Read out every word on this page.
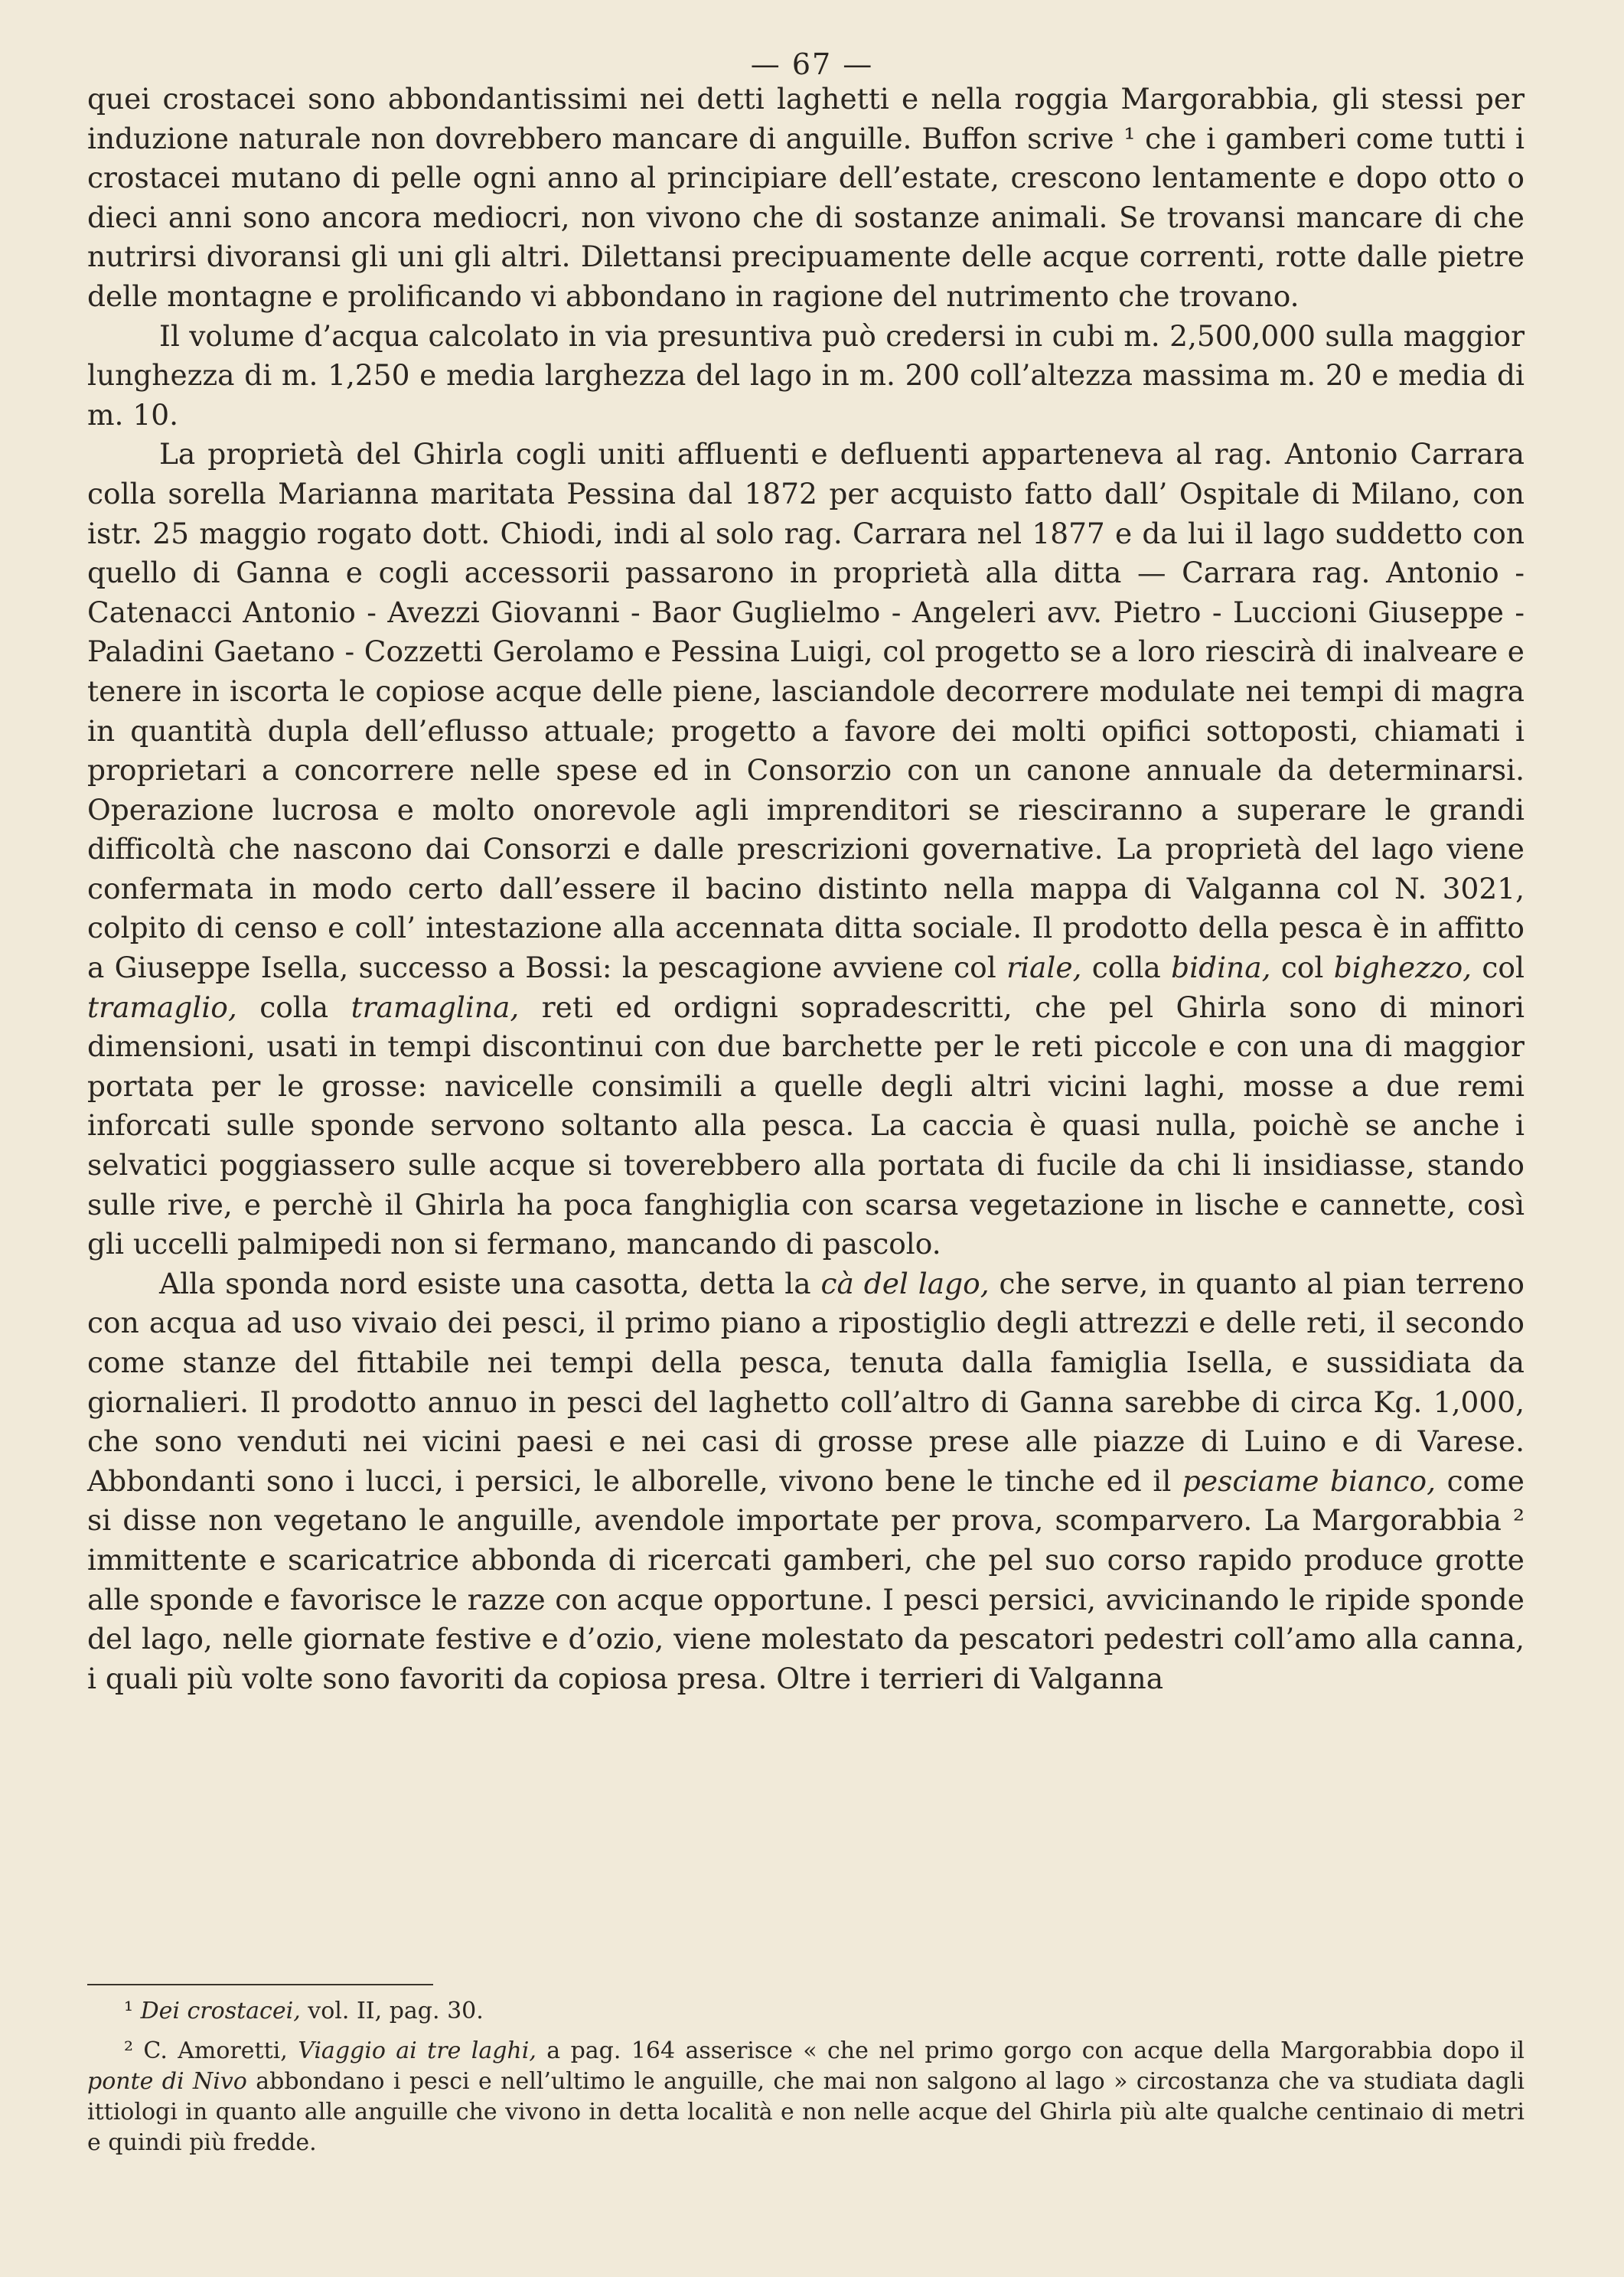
— 67 —

quei crostacei sono abbondantissimi nei detti laghetti e nella roggia Margorabbia, gli stessi per induzione naturale non dovrebbero mancare di anguille. Buffon scrive ¹ che i gamberi come tutti i crostacei mutano di pelle ogni anno al principiare dell’estate, crescono lentamente e dopo otto o dieci anni sono ancora mediocri, non vivono che di sostanze animali. Se trovansi mancare di che nutrirsi divoransi gli uni gli altri. Dilettansi precipuamente delle acque correnti, rotte dalle pietre delle montagne e prolificando vi abbondano in ragione del nutrimento che trovano.

Il volume d’acqua calcolato in via presuntiva può credersi in cubi m. 2,500,000 sulla maggior lunghezza di m. 1,250 e media larghezza del lago in m. 200 coll’altezza massima m. 20 e media di m. 10.

La proprietà del Ghirla cogli uniti affluenti e defluenti apparteneva al rag. Antonio Carrara colla sorella Marianna maritata Pessina dal 1872 per acquisto fatto dall’ Ospitale di Milano, con istr. 25 maggio rogato dott. Chiodi, indi al solo rag. Carrara nel 1877 e da lui il lago suddetto con quello di Ganna e cogli accessorii passarono in proprietà alla ditta — Carrara rag. Antonio - Catenacci Antonio - Avezzi Giovanni - Baor Guglielmo - Angeleri avv. Pietro - Luccioni Giuseppe - Paladini Gaetano - Cozzetti Gerolamo e Pessina Luigi, col progetto se a loro riescirà di inalveare e tenere in iscorta le copiose acque delle piene, lasciandole decorrere modulate nei tempi di magra in quantità dupla dell’eflusso attuale; progetto a favore dei molti opifici sottoposti, chiamati i proprietari a concorrere nelle spese ed in Consorzio con un canone annuale da determinarsi. Operazione lucrosa e molto onorevole agli imprenditori se riesciranno a superare le grandi difficoltà che nascono dai Consorzi e dalle prescrizioni governative. La proprietà del lago viene confermata in modo certo dall’essere il bacino distinto nella mappa di Valganna col N. 3021, colpito di censo e coll’ intestazione alla accennata ditta sociale. Il prodotto della pesca è in affitto a Giuseppe Isella, successo a Bossi: la pescagione avviene col riale, colla bidina, col bighezzo, col tramaglio, colla tramaglina, reti ed ordigni sopradescritti, che pel Ghirla sono di minori dimensioni, usati in tempi discontinui con due barchette per le reti piccole e con una di maggior portata per le grosse: navicelle consimili a quelle degli altri vicini laghi, mosse a due remi inforcati sulle sponde servono soltanto alla pesca. La caccia è quasi nulla, poichè se anche i selvatici poggiassero sulle acque si toverebbero alla portata di fucile da chi li insidiasse, stando sulle rive, e perchè il Ghirla ha poca fanghiglia con scarsa vegetazione in lische e cannette, così gli uccelli palmipedi non si fermano, mancando di pascolo.

Alla sponda nord esiste una casotta, detta la cà del lago, che serve, in quanto al pian terreno con acqua ad uso vivaio dei pesci, il primo piano a ripostiglio degli attrezzi e delle reti, il secondo come stanze del fittabile nei tempi della pesca, tenuta dalla famiglia Isella, e sussidiata da giornalieri. Il prodotto annuo in pesci del laghetto coll’altro di Ganna sarebbe di circa Kg. 1,000, che sono venduti nei vicini paesi e nei casi di grosse prese alle piazze di Luino e di Varese. Abbondanti sono i lucci, i persici, le alborelle, vivono bene le tinche ed il pesciame bianco, come si disse non vegetano le anguille, avendole importate per prova, scomparvero. La Margorabbia ² immittente e scaricatrice abbonda di ricercati gamberi, che pel suo corso rapido produce grotte alle sponde e favorisce le razze con acque opportune. I pesci persici, avvicinando le ripide sponde del lago, nelle giornate festive e d’ozio, viene molestato da pescatori pedestri coll’amo alla canna, i quali più volte sono favoriti da copiosa presa. Oltre i terrieri di Valganna

¹ Dei crostacei, vol. II, pag. 30.

² C. Amoretti, Viaggio ai tre laghi, a pag. 164 asserisce « che nel primo gorgo con acque della Margorabbia dopo il ponte di Nivo abbondano i pesci e nell’ultimo le anguille, che mai non salgono al lago » circostanza che va studiata dagli ittiologi in quanto alle anguille che vivono in detta località e non nelle acque del Ghirla più alte qualche centinaio di metri e quindi più fredde.
